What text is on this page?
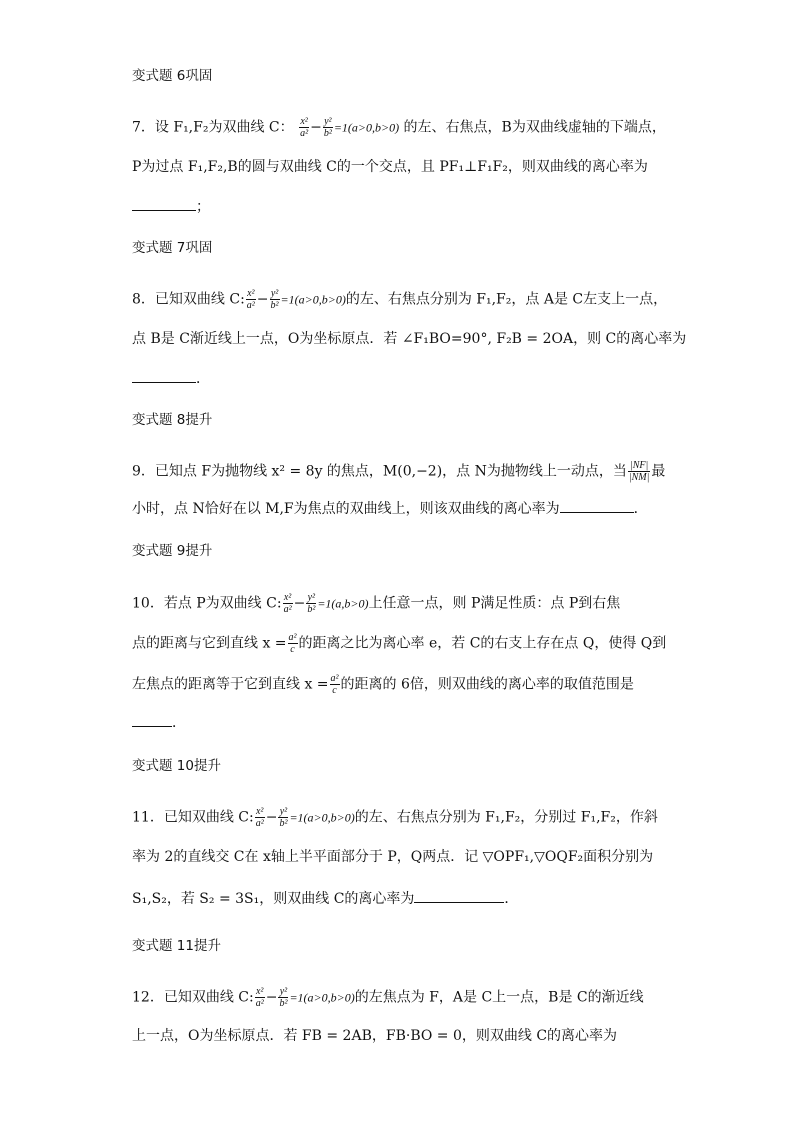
变式题 6巩固
7．设 F₁,F₂为双曲线 C： $\frac{\text{x²}}{\text{a²}} - \frac{\text{y²}}{\text{b²}} =1(a>0,b>0)$ 的左、右焦点，B为双曲线虚轴的下端点，
P为过点 F₁,F₂,B的圆与双曲线 C的一个交点，且 PF₁⊥F₁F₂，则双曲线的离心率为
；
变式题 7巩固
8．已知双曲线 C: $\frac{\text{x²}}{\text{a²}} - \frac{\text{y²}}{\text{b²}} =1(a>0,b>0)$的左、右焦点分别为 F₁,F₂，点 A是 C左支上一点，
点 B是 C渐近线上一点，O为坐标原点．若 ∠F₁BO=90°, F₂B = 2OA，则 C的离心率为
．
变式题 8提升
9．已知点 F为抛物线 x² = 8y 的焦点，M(0,−2)，点 N为抛物线上一动点，当 $\frac{|NF|}{|NM|}$ 最
小时，点 N恰好在以 M,F为焦点的双曲线上，则该双曲线的离心率为	．
变式题 9提升
10．若点 P为双曲线 C: $\frac{\text{x²}}{\text{a²}} - \frac{\text{y²}}{\text{b²}} =1(a,b>0)$上任意一点，则 P满足性质：点 P到右焦
点的距离与它到直线 $x = \frac{\text{a²}}{c}$ 的距离之比为离心率 e，若 C的右支上存在点 Q，使得 Q到
左焦点的距离等于它到直线 $x = \frac{\text{a²}}{c}$ 的距离的 6倍，则双曲线的离心率的取值范围是
．
变式题 10提升
11．已知双曲线 C: $\frac{\text{x²}}{\text{a²}} - \frac{\text{y²}}{\text{b²}} =1(a>0,b>0)$的左、右焦点分别为 F₁,F₂，分别过 F₁,F₂，作斜
率为 2的直线交 C在 x轴上半平面部分于 P，Q两点．记 ▽OPF₁,▽OQF₂面积分别为
S₁,S₂，若 S₂ = 3S₁，则双曲线 C的离心率为	．
变式题 11提升
12．已知双曲线 C: $\frac{\text{x²}}{\text{a²}} - \frac{\text{y²}}{\text{b²}} =1(a>0,b>0)$的左焦点为 F，A是 C上一点，B是 C的渐近线
上一点，O为坐标原点．若 FB = 2AB，FB·BO = 0，则双曲线 C的离心率为
